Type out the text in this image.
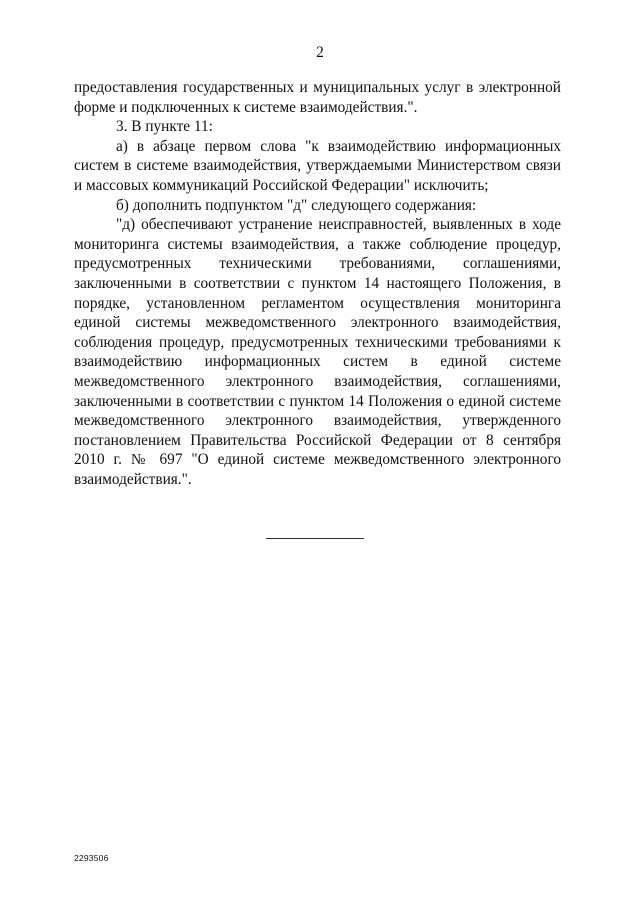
2

предоставления государственных и муниципальных услуг в электронной форме и подключенных к системе взаимодействия.".

3. В пункте 11:

а) в абзаце первом слова "к взаимодействию информационных систем в системе взаимодействия, утверждаемыми Министерством связи и массовых коммуникаций Российской Федерации" исключить;

б) дополнить подпунктом "д" следующего содержания:

"д) обеспечивают устранение неисправностей, выявленных в ходе мониторинга системы взаимодействия, а также соблюдение процедур, предусмотренных техническими требованиями, соглашениями, заключенными в соответствии с пунктом 14 настоящего Положения, в порядке, установленном регламентом осуществления мониторинга единой системы межведомственного электронного взаимодействия, соблюдения процедур, предусмотренных техническими требованиями к взаимодействию информационных систем в единой системе межведомственного электронного взаимодействия, соглашениями, заключенными в соответствии с пунктом 14 Положения о единой системе межведомственного электронного взаимодействия, утвержденного постановлением Правительства Российской Федерации от 8 сентября 2010 г. № 697 "О единой системе межведомственного электронного взаимодействия.".

2293506
